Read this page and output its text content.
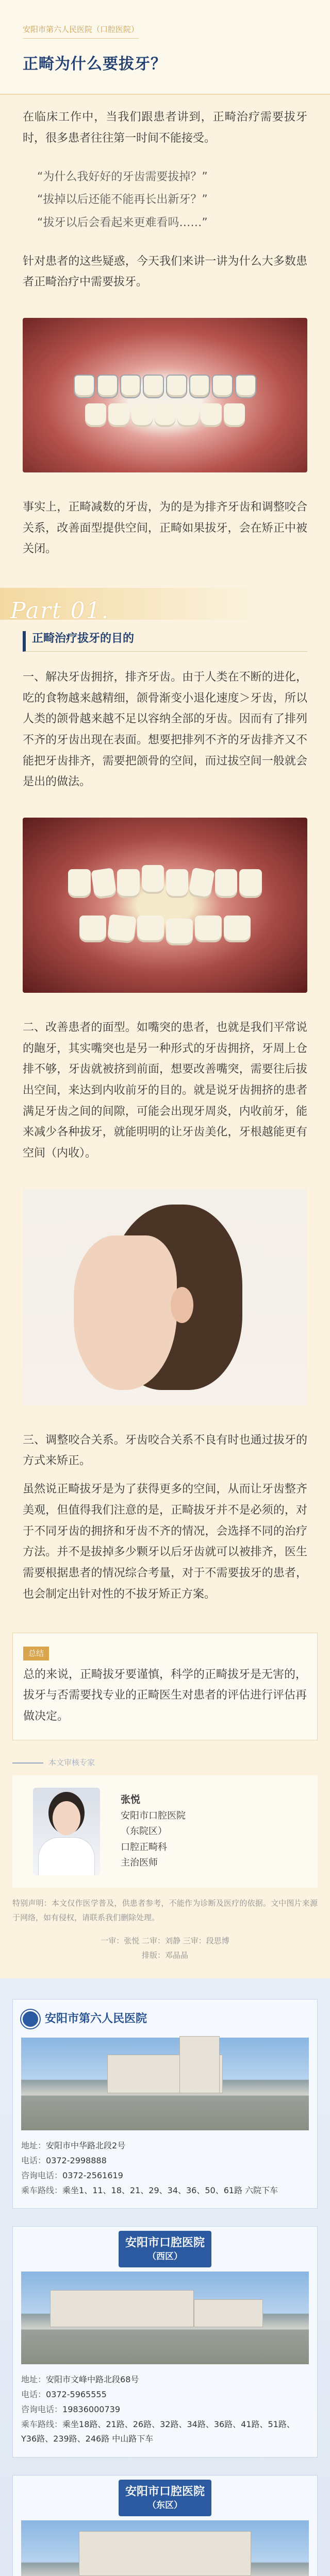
安阳市第六人民医院（口腔医院）
正畸为什么要拔牙？

在临床工作中，当我们跟患者讲到，正畸治疗需要拔牙时，很多患者往往第一时间不能接受。

“为什么我好好的牙齿需要拔掉？”

“拔掉以后还能不能再长出新牙？”

“拔牙以后会看起来更难看吗……”

针对患者的这些疑惑，今天我们来讲一讲为什么大多数患者正畸治疗中需要拔牙。

事实上，正畸减数的牙齿，为的是为排齐牙齿和调整咬合关系，改善面型提供空间，正畸如果拔牙，会在矫正中被关闭。

Part 01.
正畸治疗拔牙的目的

一、解决牙齿拥挤，排齐牙齿。由于人类在不断的进化，吃的食物越来越精细，颌骨渐变小退化速度＞牙齿，所以人类的颌骨越来越不足以容纳全部的牙齿。因而有了排列不齐的牙齿出现在表面。想要把排列不齐的牙齿排齐又不能把牙齿排齐，需要把颌骨的空间，而过拔空间一般就会是出的做法。

二、改善患者的面型。如嘴突的患者，也就是我们平常说的龅牙，其实嘴突也是另一种形式的牙齿拥挤，牙周上仓排不够，牙齿就被挤到前面，想要改善嘴突，需要往后拔出空间，来达到内收前牙的目的。就是说牙齿拥挤的患者满足牙齿之间的间隙，可能会出现牙周炎，内收前牙，能来减少各种拔牙，就能明明的让牙齿美化，牙根越能更有空间（内收）。

三、调整咬合关系。牙齿咬合关系不良有时也通过拔牙的方式来矫正。

虽然说正畸拔牙是为了获得更多的空间，从而让牙齿整齐美观，但值得我们注意的是，正畸拔牙并不是必须的，对于不同牙齿的拥挤和牙齿不齐的情况，会选择不同的治疗方法。并不是拔掉多少颗牙以后牙齿就可以被排齐，医生需要根据患者的情况综合考量，对于不需要拔牙的患者，也会制定出针对性的不拔牙矫正方案。

总结

总的来说，正畸拔牙要谨慎，科学的正畸拔牙是无害的，拔牙与否需要找专业的正畸医生对患者的评估进行评估再做决定。

本文审核专家
张悦
安阳市口腔医院
（东院区）
口腔正畸科
主治医师
特别声明：本文仅作医学普及，供患者参考，不能作为诊断及医疗的依据。文中图片来源于网络，如有侵权，请联系我们删除处理。
一审：张悦 二审：刘静 三审：段思博
排版：邓晶晶
安阳市第六人民医院
地址：安阳市中华路北段2号
电话：0372-2998888
咨询电话：0372-2561619
乘车路线：乘坐1、11、18、21、29、34、36、50、61路 六院下车
安阳市口腔医院
（西区）
地址：安阳市文峰中路北段68号
电话：0372-5965555
咨询电话：19836000739
乘车路线：乘坐18路、21路、26路、32路、34路、36路、41路、51路、Y36路、239路、246路 中山路下车
安阳市口腔医院
（东区）
